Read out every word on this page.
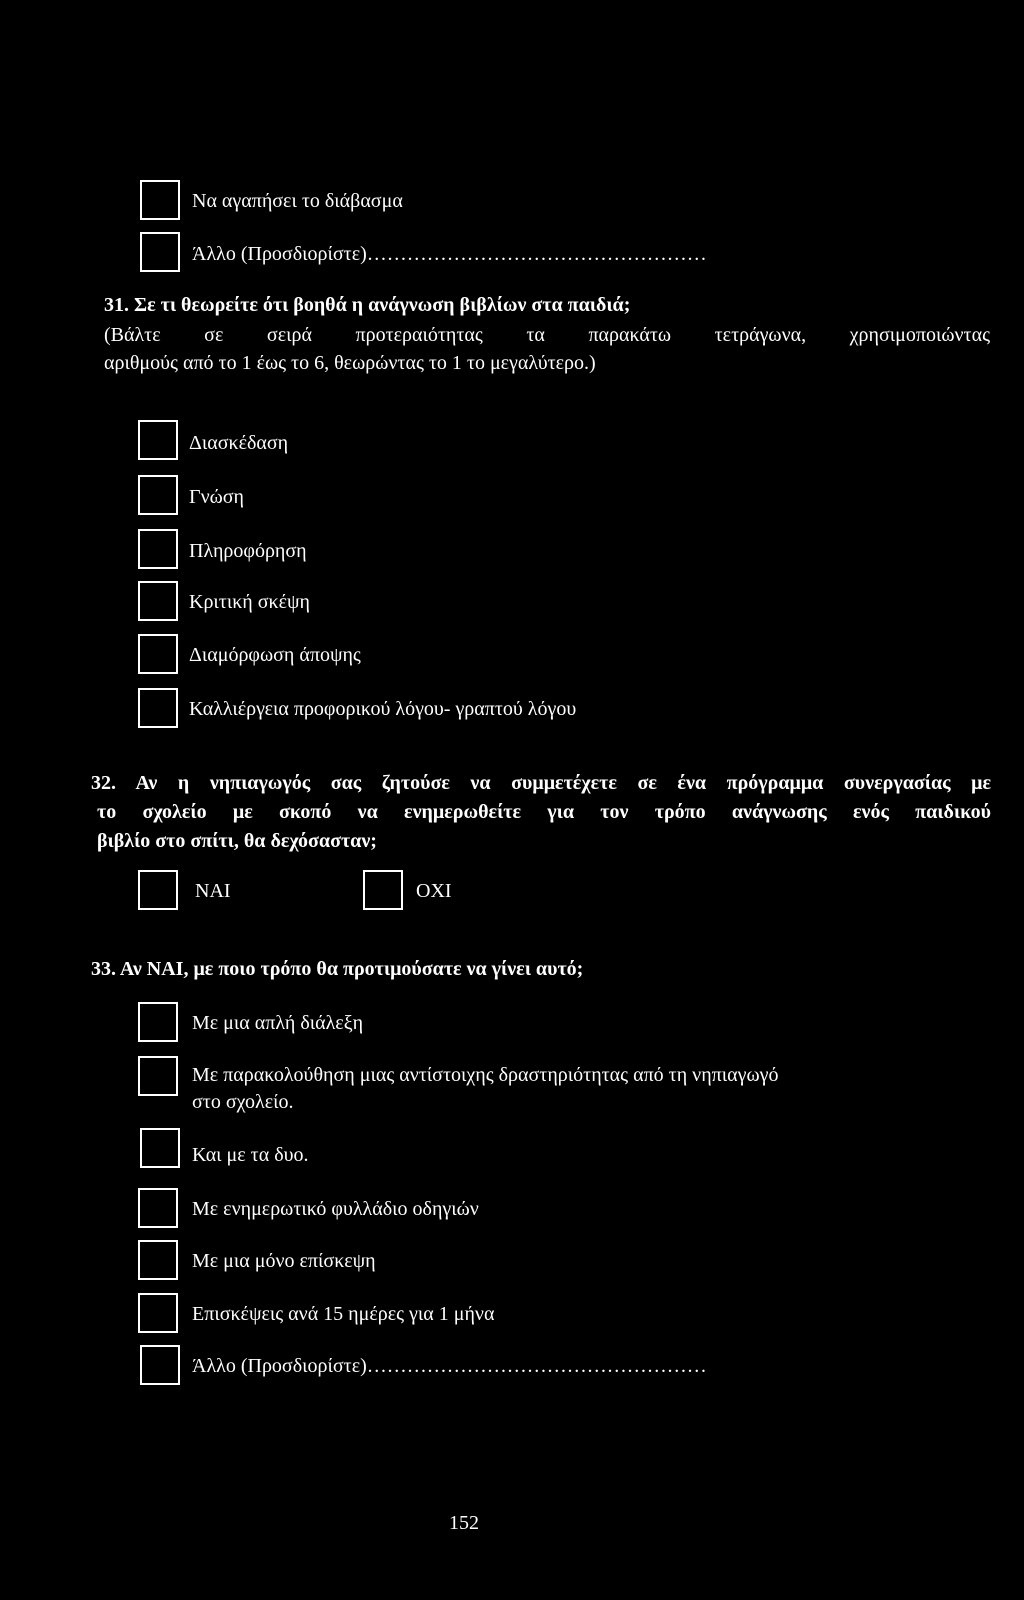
Να αγαπήσει το διάβασμα
Άλλο (Προσδιορίστε)……………………………………………
31. Σε τι θεωρείτε ότι βοηθά η ανάγνωση βιβλίων στα παιδιά;
(Βάλτε σε σειρά προτεραιότητας τα παρακάτω τετράγωνα, χρησιμοποιώντας
αριθμούς από το 1 έως το 6, θεωρώντας το 1 το μεγαλύτερο.)
Διασκέδαση
Γνώση
Πληροφόρηση
Κριτική σκέψη
Διαμόρφωση άποψης
Καλλιέργεια προφορικού λόγου- γραπτού λόγου
32. Αν η νηπιαγωγός σας ζητούσε να συμμετέχετε σε ένα πρόγραμμα συνεργασίας με
το σχολείο με σκοπό να ενημερωθείτε για τον τρόπο ανάγνωσης ενός παιδικού
βιβλίο στο σπίτι, θα δεχόσασταν;
ΝΑΙ	ΟΧΙ
33. Αν ΝΑΙ, με ποιο τρόπο θα προτιμούσατε να γίνει αυτό;
Με μια απλή διάλεξη
Με παρακολούθηση μιας αντίστοιχης δραστηριότητας από τη νηπιαγωγό
στο σχολείο.
Και με τα δυο.
Με ενημερωτικό φυλλάδιο οδηγιών
Με μια μόνο επίσκεψη
Επισκέψεις ανά 15 ημέρες για 1 μήνα
Άλλο (Προσδιορίστε)……………………………………………
152
